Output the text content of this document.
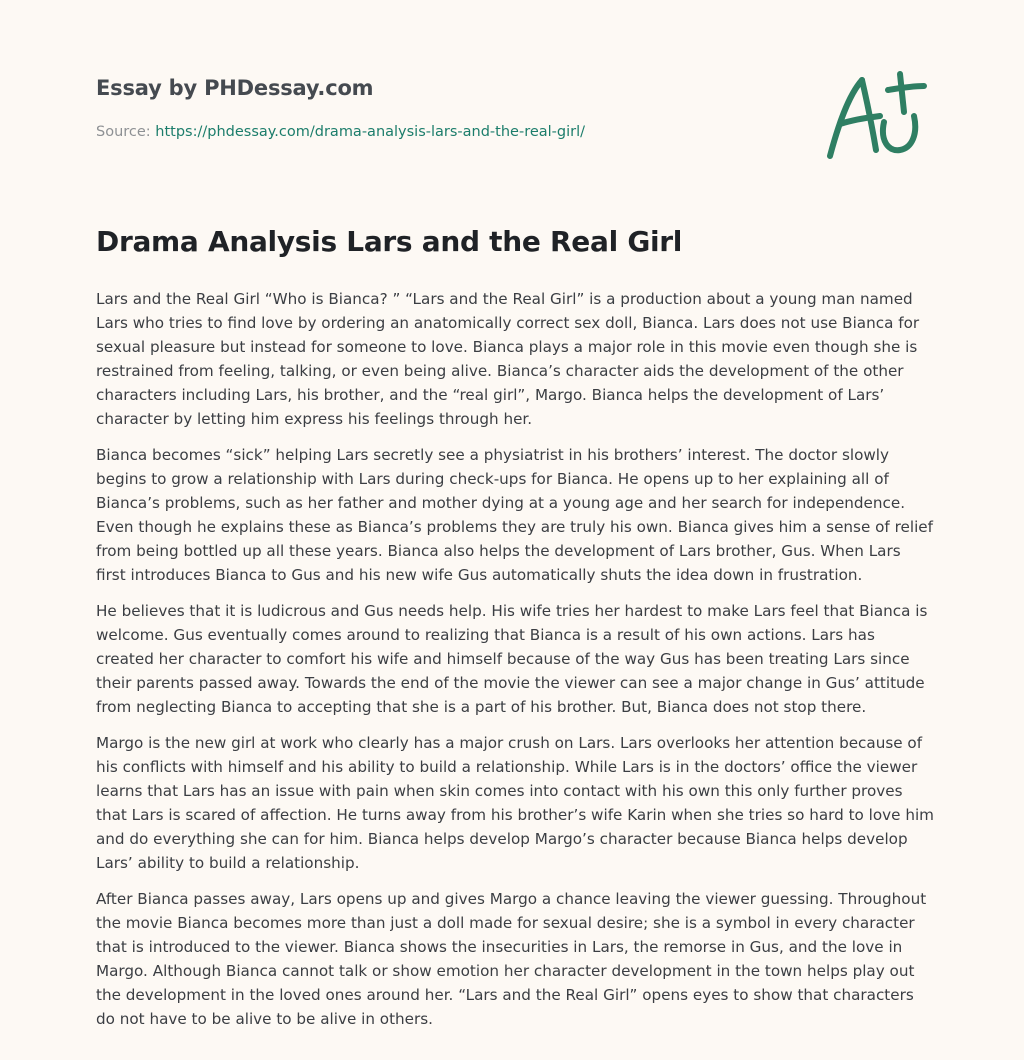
Essay by PHDessay.com
Source: https://phdessay.com/drama-analysis-lars-and-the-real-girl/
Drama Analysis Lars and the Real Girl

Lars and the Real Girl “Who is Bianca? ” “Lars and the Real Girl” is a production about a young man named Lars who tries to find love by ordering an anatomically correct sex doll, Bianca. Lars does not use Bianca for sexual pleasure but instead for someone to love. Bianca plays a major role in this movie even though she is restrained from feeling, talking, or even being alive. Bianca’s character aids the development of the other characters including Lars, his brother, and the “real girl”, Margo. Bianca helps the development of Lars’ character by letting him express his feelings through her.

Bianca becomes “sick” helping Lars secretly see a physiatrist in his brothers’ interest. The doctor slowly begins to grow a relationship with Lars during check-ups for Bianca. He opens up to her explaining all of Bianca’s problems, such as her father and mother dying at a young age and her search for independence. Even though he explains these as Bianca’s problems they are truly his own. Bianca gives him a sense of relief from being bottled up all these years. Bianca also helps the development of Lars brother, Gus. When Lars first introduces Bianca to Gus and his new wife Gus automatically shuts the idea down in frustration.

He believes that it is ludicrous and Gus needs help. His wife tries her hardest to make Lars feel that Bianca is welcome. Gus eventually comes around to realizing that Bianca is a result of his own actions. Lars has created her character to comfort his wife and himself because of the way Gus has been treating Lars since their parents passed away. Towards the end of the movie the viewer can see a major change in Gus’ attitude from neglecting Bianca to accepting that she is a part of his brother. But, Bianca does not stop there.

Margo is the new girl at work who clearly has a major crush on Lars. Lars overlooks her attention because of his conflicts with himself and his ability to build a relationship. While Lars is in the doctors’ office the viewer learns that Lars has an issue with pain when skin comes into contact with his own this only further proves that Lars is scared of affection. He turns away from his brother’s wife Karin when she tries so hard to love him and do everything she can for him. Bianca helps develop Margo’s character because Bianca helps develop Lars’ ability to build a relationship.

After Bianca passes away, Lars opens up and gives Margo a chance leaving the viewer guessing. Throughout the movie Bianca becomes more than just a doll made for sexual desire; she is a symbol in every character that is introduced to the viewer. Bianca shows the insecurities in Lars, the remorse in Gus, and the love in Margo. Although Bianca cannot talk or show emotion her character development in the town helps play out the development in the loved ones around her. “Lars and the Real Girl” opens eyes to show that characters do not have to be alive to be alive in others.
